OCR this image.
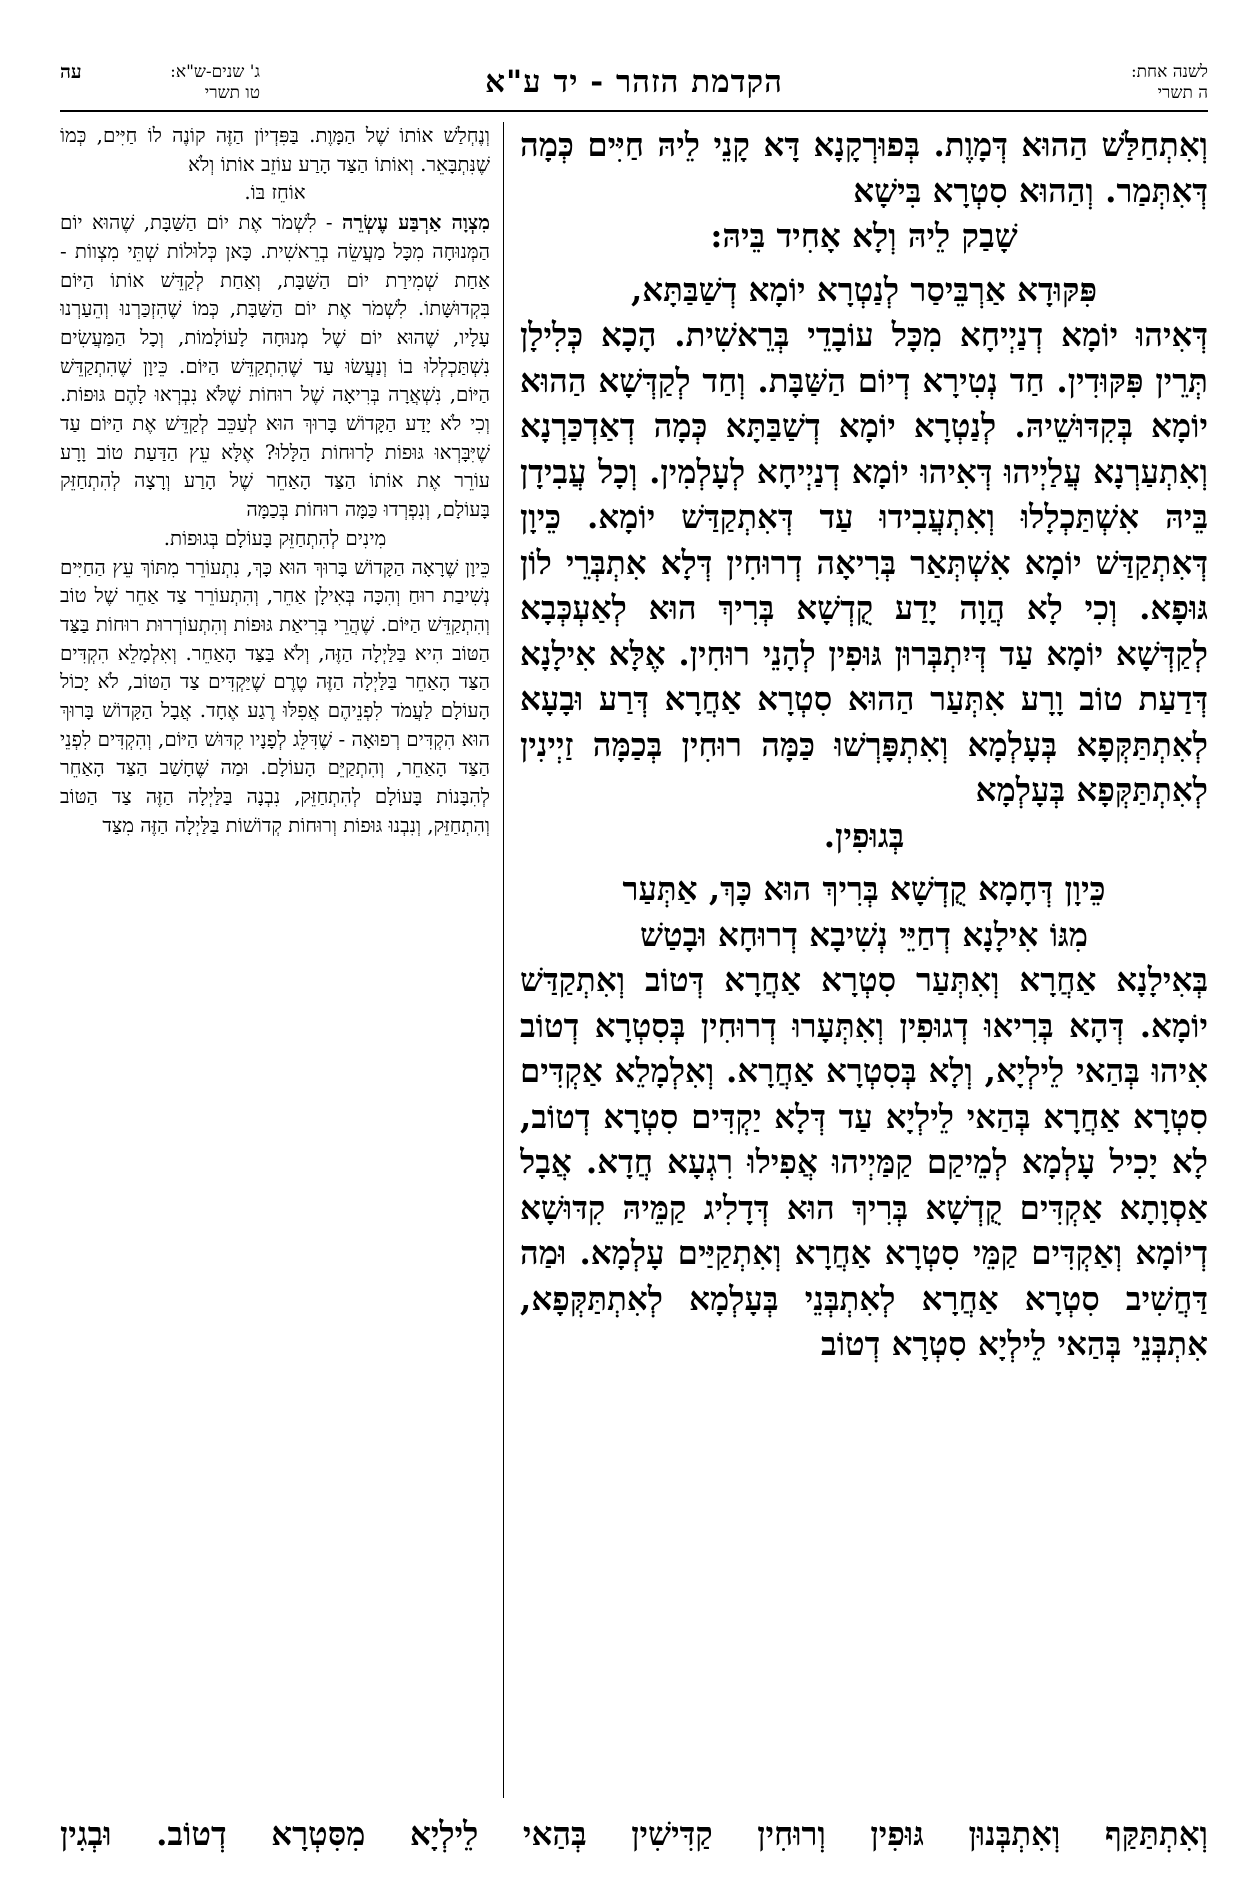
לשנה אחת:
ה תשרי
הקדמת הזהר - יד ע"א
ג' שנים-ש"א:
עה
טו תשרי

וְאִתְחַלַּשׁ הַהוּא דְּמָוֶת. בְּפוּרְקָנָא דָּא קָנֵי לֵיהּ חַיִּים כְּמָה דְּאִתְּמַר. וְהַהוּא סִטְרָא בִּישָׁא

שָׁבַק לֵיהּ וְלָא אָחִיד בֵּיהּ:

פִּקּוּדָא אַרְבֵּיסַר לְנַטְרָא יוֹמָא דְשַׁבַּתָּא,

דְּאִיהוּ יוֹמָא דְנַיְיחָא מִכָּל עוֹבָדֵי בְּרֵאשִׁית. הָכָא כְּלִילָן תְּרֵין פִּקּוּדִין. חַד נְטִירָא דְיוֹם הַשַּׁבָּת. וְחַד לְקַדְּשָׁא הַהוּא יוֹמָא בְּקִדּוּשֵׁיהּ. לְנַטְרָא יוֹמָא דְשַׁבַּתָּא כְּמָה דְאַדְכַּרְנָא וְאִתְעַרְנָא עֲלַיְיהוּ דְּאִיהוּ יוֹמָא דְנַיְיחָא לְעָלְמִין. וְכָל עֲבִידָן בֵּיהּ אִשְׁתַּכְלָלוּ וְאִתְעֲבִידוּ עַד דְּאִתְקַדַּשׁ יוֹמָא. כֵּיוָן דְּאִתְקַדַּשׁ יוֹמָא אִשְׁתְּאַר בְּרִיאָה דְרוּחִין דְּלָא אִתְבְּרֵי לוֹן גּוּפָא. וְכִי לָא הֲוָה יָדַע קֻדְשָׁא בְּרִיךְ הוּא לְאַעְכְּבָא לְקַדְּשָׁא יוֹמָא עַד דְּיִתְבְּרוּן גּוּפִין לְהָנֵי רוּחִין. אֶלָּא אִילָנָא דְּדַעַת טוֹב וָרָע אִתְּעַר הַהוּא סִטְרָא אַחֲרָא דְּרַע וּבָעָא לְאִתְתַּקְּפָא בְּעָלְמָא וְאִתְפָּרְשׁוּ כַּמָּה רוּחִין בְּכַמָּה זַיְינִין לְאִתְתַּקְּפָא בְּעָלְמָא

בְּגוּפִין.

כֵּיוָן דְּחָמָא קֻדְשָׁא בְּרִיךְ הוּא כָּךְ, אַתְּעַר

מִגּוֹ אִילָנָא דְחַיֵּי נְשִׁיבָא דְרוּחָא וּבָטַשׁ

בְּאִילָנָא אַחֲרָא וְאִתְּעַר סִטְרָא אַחֲרָא דְּטוֹב וְאִתְקַדַּשׁ יוֹמָא. דְּהָא בְּרִיאוּ דְגוּפִין וְאִתְּעָרוּ דְרוּחִין בְּסִטְרָא דְטוֹב אִיהוּ בְּהַאי לֵילְיָא, וְלָא בְּסִטְרָא אַחֲרָא. וְאִלְמָלֵא אַקְדִּים סִטְרָא אַחֲרָא בְּהַאי לֵילְיָא עַד דְּלָא יַקְדִּים סִטְרָא דְטוֹב, לָא יָכִיל עָלְמָא לְמֵיקַם קַמַּיְיהוּ אֲפִילוּ רִגְעָא חֲדָא. אֲבָל אַסְוָתָא אַקְדִּים קֻדְשָׁא בְּרִיךְ הוּא דְּדָלִיג קַמֵּיהּ קִדּוּשָׁא דְיוֹמָא וְאַקְדִּים קַמֵּי סִטְרָא אַחֲרָא וְאִתְקַיַּים עָלְמָא. וּמַה דַּחֲשִׁיב סִטְרָא אַחֲרָא לְאִתְבְּנֵי בְּעָלְמָא לְאִתְתַּקְּפָא, אִתְבְּנֵי בְּהַאי לֵילְיָא סִטְרָא דְטוֹב

וְנֶחְלַשׁ אוֹתוֹ שֶׁל הַמָּוֶת. בַּפִּדְיוֹן הַזֶּה קוֹנֶה לוֹ חַיִּים, כְּמוֹ שֶׁנִּתְבָּאֵר. וְאוֹתוֹ הַצַּד הָרַע עוֹזֵב אוֹתוֹ וְלֹא

אוֹחֵז בּוֹ.

מִצְוָה אַרְבַּע עֶשְׂרֵה - לִשְׁמֹר אֶת יוֹם הַשַּׁבָּת, שֶׁהוּא יוֹם הַמְּנוּחָה מִכָּל מַעֲשֵׂה בְרֵאשִׁית. כָּאן כְּלוּלוֹת שְׁתֵּי מִצְווֹת - אַחַת שְׁמִירַת יוֹם הַשַּׁבָּת, וְאַחַת לְקַדֵּשׁ אוֹתוֹ הַיּוֹם בִּקְדוּשָּׁתוֹ. לִשְׁמֹר אֶת יוֹם הַשַּׁבָּת, כְּמוֹ שֶׁהִזְכַּרְנוּ וְהֵעַרְנוּ עָלָיו, שֶׁהוּא יוֹם שֶׁל מְנוּחָה לָעוֹלָמוֹת, וְכָל הַמַּעֲשִׂים נִשְׁתַּכְלְלוּ בוֹ וְנַעֲשׂוּ עַד שֶׁהִתְקַדֵּשׁ הַיּוֹם. כֵּיוָן שֶׁהִתְקַדֵּשׁ הַיּוֹם, נִשְׁאֲרָה בְּרִיאָה שֶׁל רוּחוֹת שֶׁלֹּא נִבְרְאוּ לָהֶם גּוּפוֹת. וְכִי לֹא יָדַע הַקָּדוֹשׁ בָּרוּךְ הוּא לְעַכֵּב לְקַדֵּשׁ אֶת הַיּוֹם עַד שֶׁיִּבָּרְאוּ גּוּפוֹת לָרוּחוֹת הַלָּלוּ? אֶלָּא עֵץ הַדַּעַת טוֹב וָרָע עוֹרֵר אֶת אוֹתוֹ הַצַּד הָאַחֵר שֶׁל הָרַע וְרָצָה לְהִתְחַזֵּק בָּעוֹלָם, וְנִפְרְדוּ כַּמָּה רוּחוֹת בְּכַמָּה

מִינִים לְהִתְחַזֵּק בָּעוֹלָם בְּגוּפוֹת.

כֵּיוָן שֶׁרָאָה הַקָּדוֹשׁ בָּרוּךְ הוּא כָּךְ, נִתְעוֹרֵר מִתּוֹךְ עֵץ הַחַיִּים נְשִׁיבַת רוּחַ וְהִכָּה בְּאִילָן אַחֵר, וְהִתְעוֹרֵר צַד אַחֵר שֶׁל טוֹב וְהִתְקַדֵּשׁ הַיּוֹם. שֶׁהֲרֵי בְּרִיאַת גּוּפוֹת וְהִתְעוֹרְרוּת רוּחוֹת בַּצַּד הַטּוֹב הִיא בַּלַּיְלָה הַזֶּה, וְלֹא בַּצַּד הָאַחֵר. וְאִלְמָלֵא הִקְדִּים הַצַּד הָאַחֵר בַּלַּיְלָה הַזֶּה טֶרֶם שֶׁיַּקְדִּים צַד הַטּוֹב, לֹא יָכוֹל הָעוֹלָם לַעֲמֹד לִפְנֵיהֶם אֲפִלּוּ רֶגַע אֶחָד. אֲבָל הַקָּדוֹשׁ בָּרוּךְ הוּא הִקְדִּים רְפוּאָה - שֶׁדִּלֵּג לְפָנָיו קִדּוּשׁ הַיּוֹם, וְהִקְדִּים לִפְנֵי הַצַּד הָאַחֵר, וְהִתְקַיֵּם הָעוֹלָם. וּמַה שֶּׁחָשַׁב הַצַּד הָאַחֵר לְהִבָּנוֹת בָּעוֹלָם לְהִתְחַזֵּק, נִבְנָה בַּלַּיְלָה הַזֶּה צַד הַטּוֹב וְהִתְחַזֵּק, וְנִבְנוּ גּוּפוֹת וְרוּחוֹת קְדוֹשׁוֹת בַּלַּיְלָה הַזֶּה מִצַּד

וְאִתְתַּקַּף וְאִתְבְּנוּן גּוּפִין וְרוּחִין קַדִּישִׁין בְּהַאי לֵילְיָא מִסִּטְרָא דְטוֹב. וּבְגִין
